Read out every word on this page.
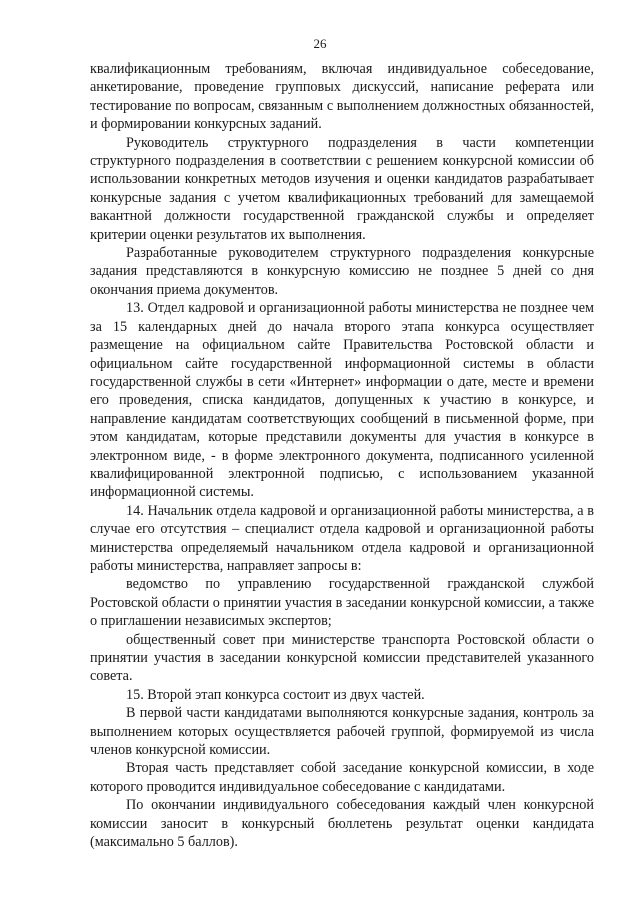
26

квалификационным требованиям, включая индивидуальное собеседование, анкетирование, проведение групповых дискуссий, написание реферата или тестирование по вопросам, связанным с выполнением должностных обязанностей, и формировании конкурсных заданий.

Руководитель структурного подразделения в части компетенции структурного подразделения в соответствии с решением конкурсной комиссии об использовании конкретных методов изучения и оценки кандидатов разрабатывает конкурсные задания с учетом квалификационных требований для замещаемой вакантной должности государственной гражданской службы и определяет критерии оценки результатов их выполнения.

Разработанные руководителем структурного подразделения конкурсные задания представляются в конкурсную комиссию не позднее 5 дней со дня окончания приема документов.

13. Отдел кадровой и организационной работы министерства не позднее чем за 15 календарных дней до начала второго этапа конкурса осуществляет размещение на официальном сайте Правительства Ростовской области и официальном сайте государственной информационной системы в области государственной службы в сети «Интернет» информации о дате, месте и времени его проведения, списка кандидатов, допущенных к участию в конкурсе, и направление кандидатам соответствующих сообщений в письменной форме, при этом кандидатам, которые представили документы для участия в конкурсе в электронном виде, - в форме электронного документа, подписанного усиленной квалифицированной электронной подписью, с использованием указанной информационной системы.

14. Начальник отдела кадровой и организационной работы министерства, а в случае его отсутствия – специалист отдела кадровой и организационной работы министерства определяемый начальником отдела кадровой и организационной работы министерства, направляет запросы в:

ведомство по управлению государственной гражданской службой Ростовской области о принятии участия в заседании конкурсной комиссии, а также о приглашении независимых экспертов;

общественный совет при министерстве транспорта Ростовской области о принятии участия в заседании конкурсной комиссии представителей указанного совета.

15. Второй этап конкурса состоит из двух частей.

В первой части кандидатами выполняются конкурсные задания, контроль за выполнением которых осуществляется рабочей группой, формируемой из числа членов конкурсной комиссии.

Вторая часть представляет собой заседание конкурсной комиссии, в ходе которого проводится индивидуальное собеседование с кандидатами.

По окончании индивидуального собеседования каждый член конкурсной комиссии заносит в конкурсный бюллетень результат оценки кандидата (максимально 5 баллов).
